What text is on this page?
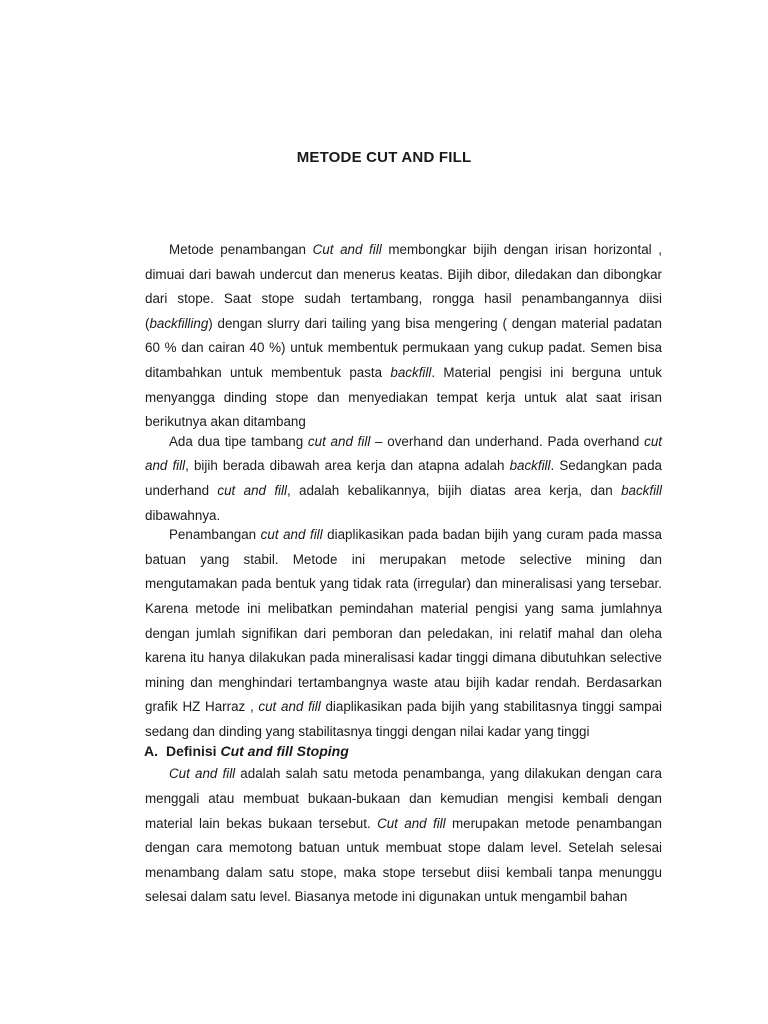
METODE CUT AND FILL

Metode penambangan Cut and fill membongkar bijih dengan irisan horizontal , dimuai dari bawah undercut dan menerus keatas. Bijih dibor, diledakan dan dibongkar dari stope. Saat stope sudah tertambang, rongga hasil penambangannya diisi (backfilling) dengan slurry dari tailing yang bisa mengering ( dengan material padatan 60 % dan cairan 40 %) untuk membentuk permukaan yang cukup padat. Semen bisa ditambahkan untuk membentuk pasta backfill. Material pengisi ini berguna untuk menyangga dinding stope dan menyediakan tempat kerja untuk alat saat irisan berikutnya akan ditambang

Ada dua tipe tambang cut and fill – overhand dan underhand. Pada overhand cut and fill, bijih berada dibawah area kerja dan atapna adalah backfill. Sedangkan pada underhand cut and fill, adalah kebalikannya, bijih diatas area kerja, dan backfill dibawahnya.

Penambangan cut and fill diaplikasikan pada badan bijih yang curam pada massa batuan yang stabil. Metode ini merupakan metode selective mining dan mengutamakan pada bentuk yang tidak rata (irregular) dan mineralisasi yang tersebar. Karena metode ini melibatkan pemindahan material pengisi yang sama jumlahnya dengan jumlah signifikan dari pemboran dan peledakan, ini relatif mahal dan oleha karena itu hanya dilakukan pada mineralisasi kadar tinggi dimana dibutuhkan selective mining dan menghindari tertambangnya waste atau bijih kadar rendah. Berdasarkan grafik HZ Harraz , cut and fill diaplikasikan pada bijih yang stabilitasnya tinggi sampai sedang dan dinding yang stabilitasnya tinggi dengan nilai kadar yang tinggi

A. Definisi Cut and fill Stoping

Cut and fill adalah salah satu metoda penambanga, yang dilakukan dengan cara menggali atau membuat bukaan-bukaan dan kemudian mengisi kembali dengan material lain bekas bukaan tersebut. Cut and fill merupakan metode penambangan dengan cara memotong batuan untuk membuat stope dalam level. Setelah selesai menambang dalam satu stope, maka stope tersebut diisi kembali tanpa menunggu selesai dalam satu level. Biasanya metode ini digunakan untuk mengambil bahan
